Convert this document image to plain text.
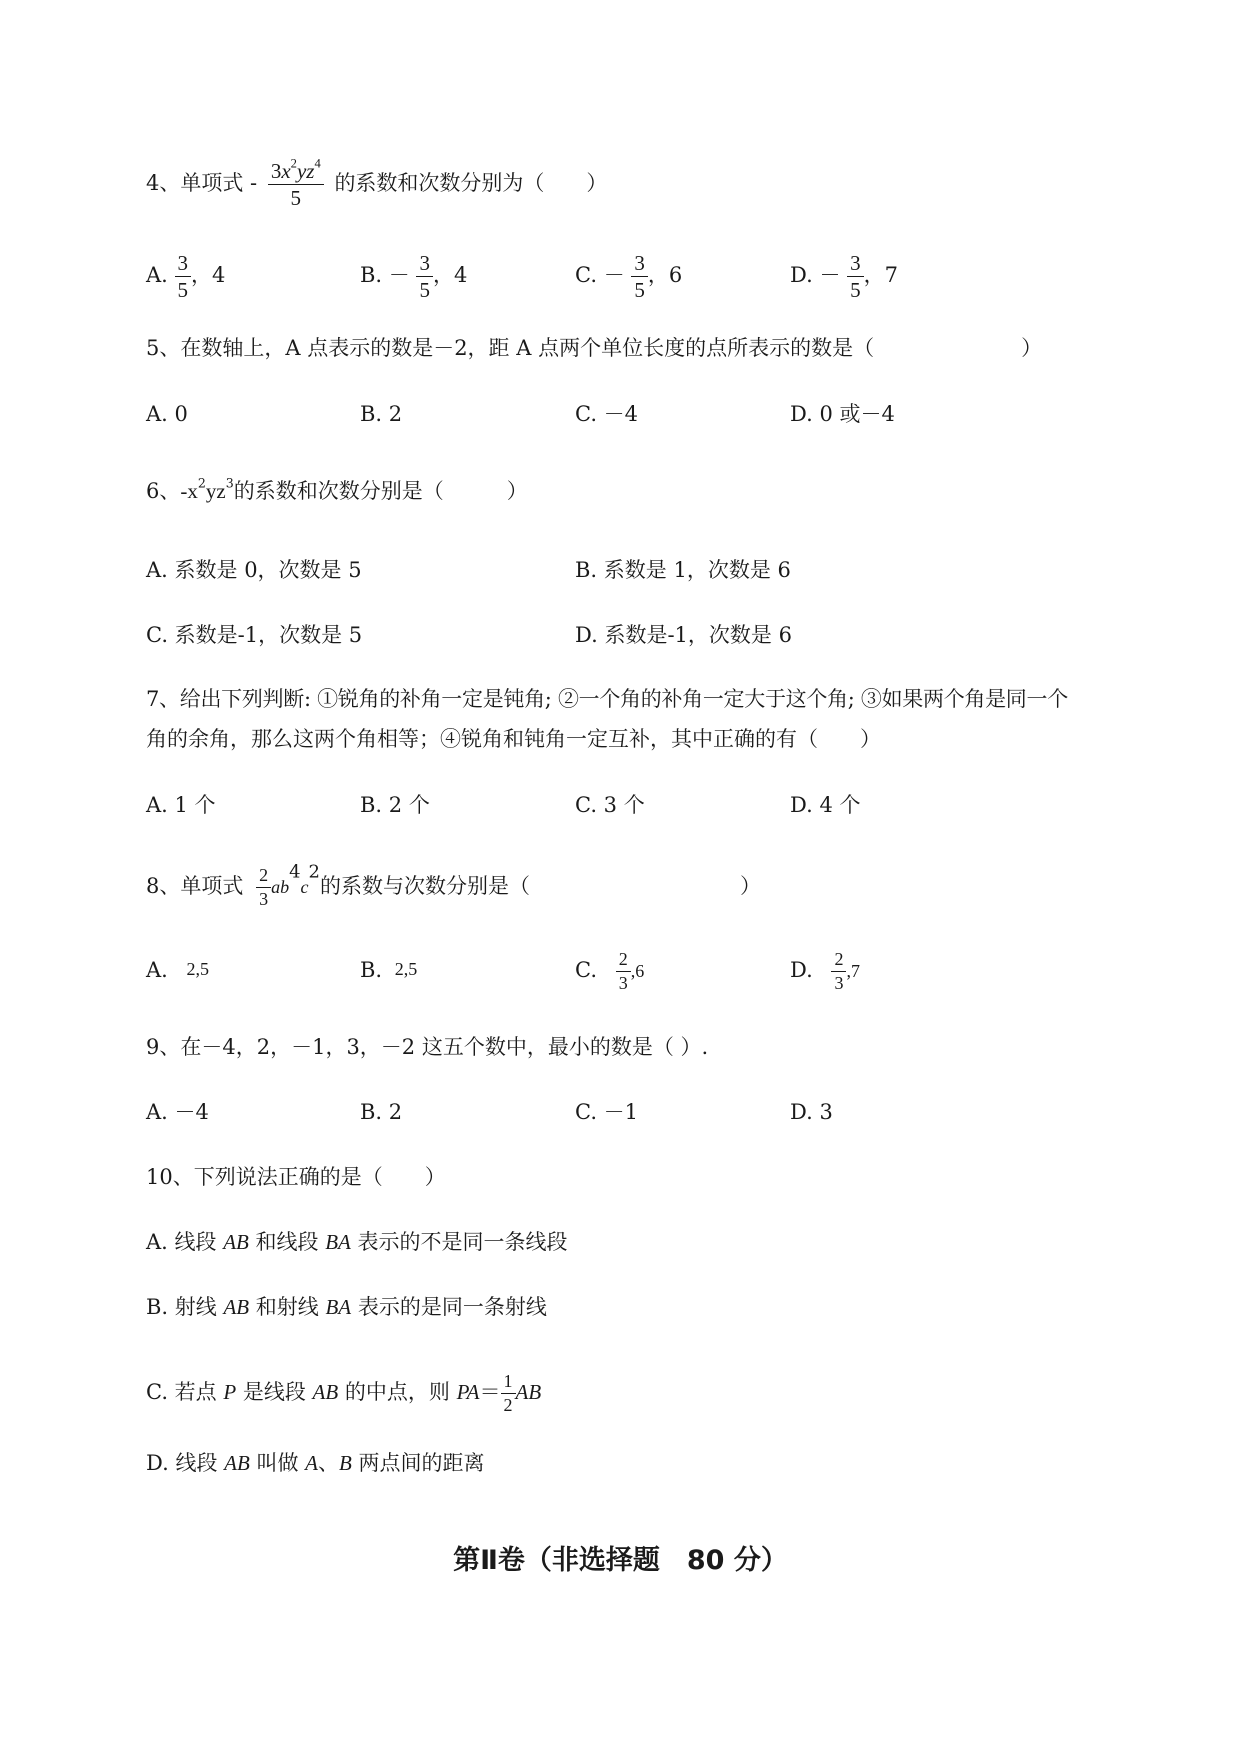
4、单项式 - $\frac{3x^2yz^4}{5}$ 的系数和次数分别为（　　）
A. $\frac{3}{5}$ ，4	B. － $\frac{3}{5}$ ，4	C. － $\frac{3}{5}$ ，6	D. － $\frac{3}{5}$ ，7
5、在数轴上，A 点表示的数是－2，距 A 点两个单位长度的点所表示的数是（　　　　　　　）
A. 0	B. 2	C. －4	D. 0 或－4
6、$-x^2yz^3$的系数和次数分别是（　　　）
A. 系数是 0，次数是 5	B. 系数是 1，次数是 6
C. 系数是-1，次数是 5	D. 系数是-1，次数是 6
7、给出下列判断: ①锐角的补角一定是钝角; ②一个角的补角一定大于这个角; ③如果两个角是同一个
角的余角，那么这两个角相等；④锐角和钝角一定互补，其中正确的有（　　）
A. 1 个	B. 2 个	C. 3 个	D. 4 个
8、单项式 $\frac{2}{3} ab^4c^2$的系数与次数分别是（　　　　　　　　　　）
A. 2,5	B. 2,5	C. $\frac{2}{3} ,6$	D. $\frac{2}{3} ,7$
9、在－4，2，－1，3，－2 这五个数中，最小的数是（ ）.
A. －4	B. 2	C. －1	D. 3
10、下列说法正确的是（　　）
A. 线段 AB 和线段 BA 表示的不是同一条线段
B. 射线 AB 和射线 BA 表示的是同一条射线
C. 若点 P 是线段 AB 的中点，则 $PA= \frac{1}{2}$ AB
D. 线段 AB 叫做 A、B 两点间的距离
第Ⅱ卷（非选择题　80 分）
